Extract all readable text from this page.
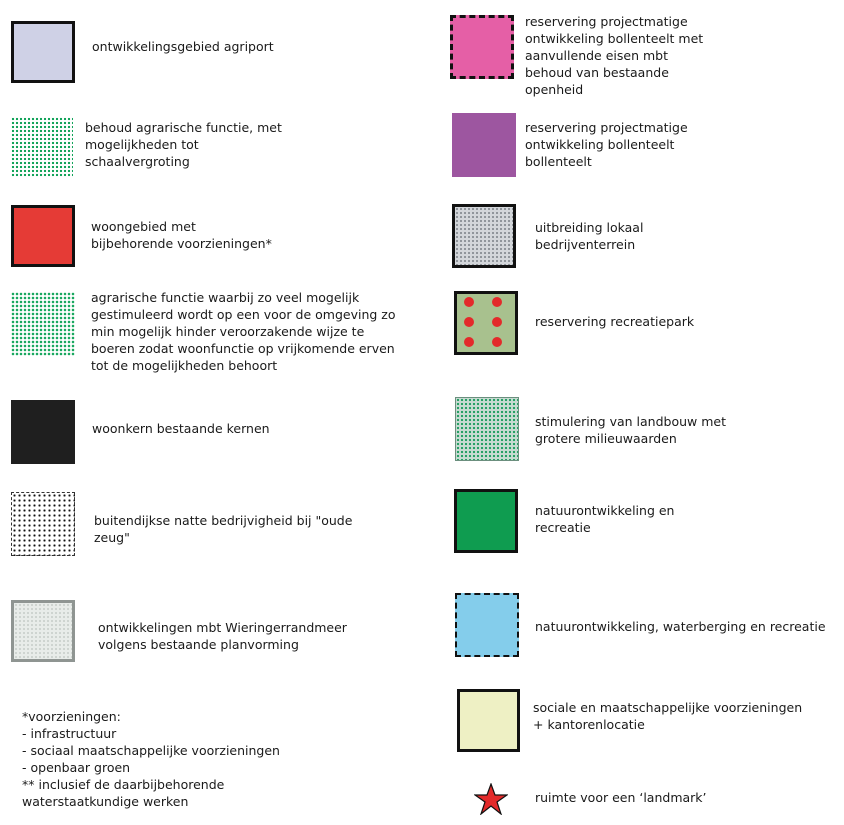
ontwikkelingsgebied agriport
behoud agrarische functie, met
mogelijkheden tot
schaalvergroting
woongebied met
bijbehorende voorzieningen*
agrarische functie waarbij zo veel mogelijk
gestimuleerd wordt op een voor de omgeving zo
min mogelijk hinder veroorzakende wijze te
boeren zodat woonfunctie op vrijkomende erven
tot de mogelijkheden behoort
woonkern bestaande kernen
buitendijkse natte bedrijvigheid bij "oude
zeug"
ontwikkelingen mbt Wieringerrandmeer
volgens bestaande planvorming
reservering projectmatige
ontwikkeling bollenteelt met
aanvullende eisen mbt
behoud van bestaande
openheid
reservering projectmatige
ontwikkeling bollenteelt
bollenteelt
uitbreiding lokaal
bedrijventerrein
reservering recreatiepark
stimulering van landbouw met
grotere milieuwaarden
natuurontwikkeling en
recreatie
natuurontwikkeling, waterberging en recreatie
sociale en maatschappelijke voorzieningen
+ kantorenlocatie
ruimte voor een ‘landmark’
*voorzieningen:
- infrastructuur
- sociaal maatschappelijke voorzieningen
- openbaar groen
** inclusief de daarbijbehorende
waterstaatkundige werken
